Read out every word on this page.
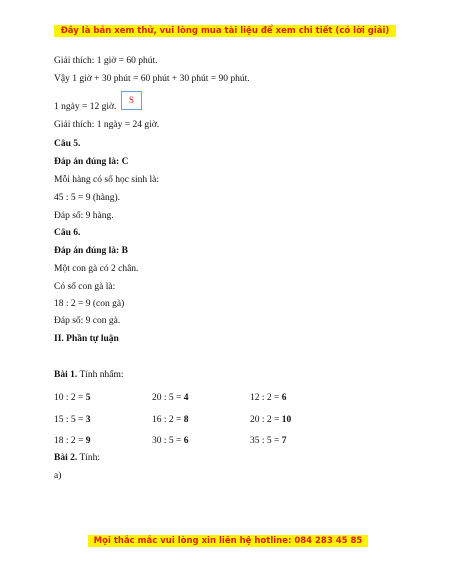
Đây là bản xem thử, vui lòng mua tài liệu để xem chi tiết (có lời giải)
Giải thích: 1 giờ = 60 phút.
Vậy 1 giờ + 30 phút = 60 phút + 30 phút = 90 phút.
1 ngày = 12 giờ.
S
Giải thích: 1 ngày = 24 giờ.
Câu 5.
Đáp án đúng là: C
Mỗi hàng có số học sinh là:
45 : 5 = 9 (hàng).
Đáp số: 9 hàng.
Câu 6.
Đáp án đúng là: B
Một con gà có 2 chân.
Có số con gà là:
18 : 2 = 9 (con gà)
Đáp số: 9 con gà.
II. Phần tự luận
Bài 1. Tính nhẩm:
10 : 2 = 5	20 : 5 = 4	12 : 2 = 6
15 : 5 = 3	16 : 2 = 8	20 : 2 = 10
18 : 2 = 9	30 : 5 = 6	35 : 5 = 7
Bài 2. Tính:
a)
Mọi thắc mắc vui lòng xin liên hệ hotline: 084 283 45 85
